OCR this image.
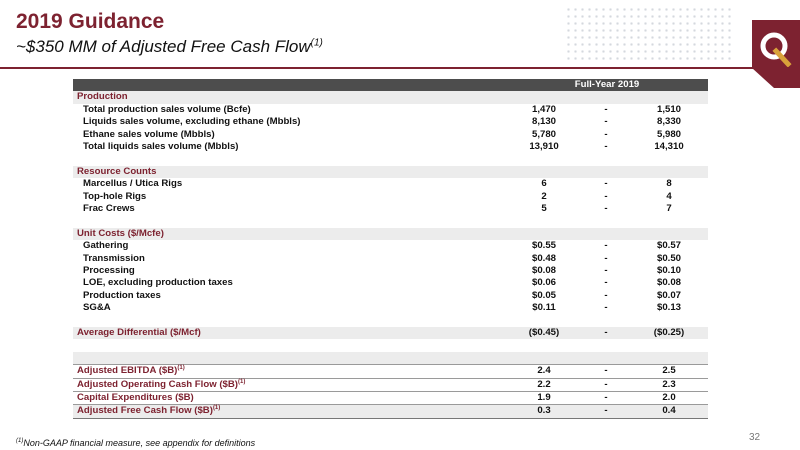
2019 Guidance
~$350 MM of Adjusted Free Cash Flow$^{(1)}$
	Full-Year 2019		
Production			
Total production sales volume (Bcfe)	1,470	-	1,510
Liquids sales volume, excluding ethane (Mbbls)	8,130	-	8,330
Ethane sales volume (Mbbls)	5,780	-	5,980
Total liquids sales volume (Mbbls)	13,910	-	14,310

Resource Counts			
Marcellus / Utica Rigs	6	-	8
Top-hole Rigs	2	-	4
Frac Crews	5	-	7

Unit Costs ($/Mcfe)			
Gathering	$0.55	-	$0.57
Transmission	$0.48	-	$0.50
Processing	$0.08	-	$0.10
LOE, excluding production taxes	$0.06	-	$0.08
Production taxes	$0.05	-	$0.07
SG&A	$0.11	-	$0.13

Average Differential ($/Mcf)	($0.45)	-	($0.25)

Adjusted EBITDA ($B)$^{(1)}$	2.4	-	2.5
Adjusted Operating Cash Flow ($B)$^{(1)}$	2.2	-	2.3
Capital Expenditures ($B)	1.9	-	2.0
Adjusted Free Cash Flow ($B)$^{(1)}$	0.3	-	0.4
$^{(1)}$Non-GAAP financial measure, see appendix for definitions	32
